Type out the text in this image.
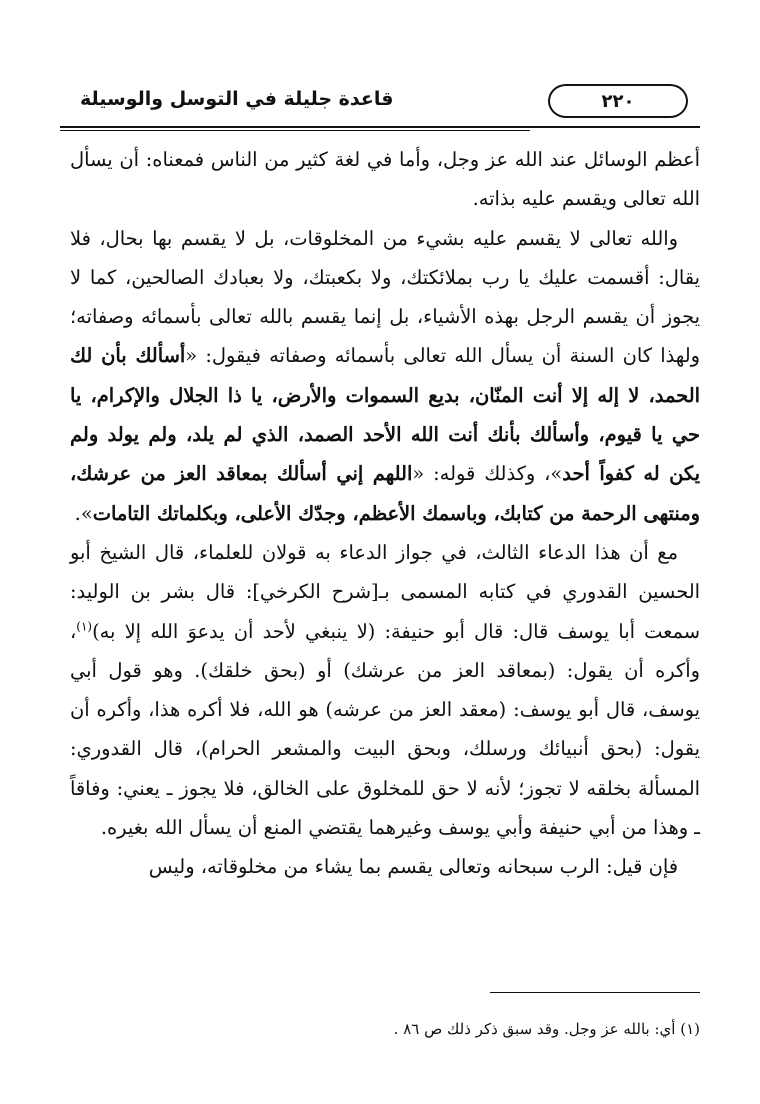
قاعدة جليلة في التوسل والوسيلة	٢٢٠

أعظم الوسائل عند الله عز وجل، وأما في لغة كثير من الناس فمعناه: أن يسأل الله تعالى ويقسم عليه بذاته.

والله تعالى لا يقسم عليه بشيء من المخلوقات، بل لا يقسم بها بحال، فلا يقال: أقسمت عليك يا رب بملائكتك، ولا بكعبتك، ولا بعبادك الصالحين، كما لا يجوز أن يقسم الرجل بهذه الأشياء، بل إنما يقسم بالله تعالى بأسمائه وصفاته؛ ولهذا كان السنة أن يسأل الله تعالى بأسمائه وصفاته فيقول: «أسألك بأن لك الحمد، لا إله إلا أنت المنّان، بديع السموات والأرض، يا ذا الجلال والإكرام، يا حي يا قيوم، وأسألك بأنك أنت الله الأحد الصمد، الذي لم يلد، ولم يولد ولم يكن له كفواً أحد»، وكذلك قوله: «اللهم إني أسألك بمعاقد العز من عرشك، ومنتهى الرحمة من كتابك، وباسمك الأعظم، وجدّك الأعلى، وبكلماتك التامات».

مع أن هذا الدعاء الثالث، في جواز الدعاء به قولان للعلماء، قال الشيخ أبو الحسين القدوري في كتابه المسمى بـ[شرح الكرخي]: قال بشر بن الوليد: سمعت أبا يوسف قال: قال أبو حنيفة: (لا ينبغي لأحد أن يدعوَ الله إلا به)$^{(١)}$، وأكره أن يقول: (بمعاقد العز من عرشك) أو (بحق خلقك). وهو قول أبي يوسف، قال أبو يوسف: (معقد العز من عرشه) هو الله، فلا أكره هذا، وأكره أن يقول: (بحق أنبيائك ورسلك، وبحق البيت والمشعر الحرام)، قال القدوري: المسألة بخلقه لا تجوز؛ لأنه لا حق للمخلوق على الخالق، فلا يجوز ـ يعني: وفاقاً ـ وهذا من أبي حنيفة وأبي يوسف وغيرهما يقتضي المنع أن يسأل الله بغيره.

فإن قيل: الرب سبحانه وتعالى يقسم بما يشاء من مخلوقاته، وليس

(١) أي: بالله عز وجل. وقد سبق ذكر ذلك ص ٨٦ .
